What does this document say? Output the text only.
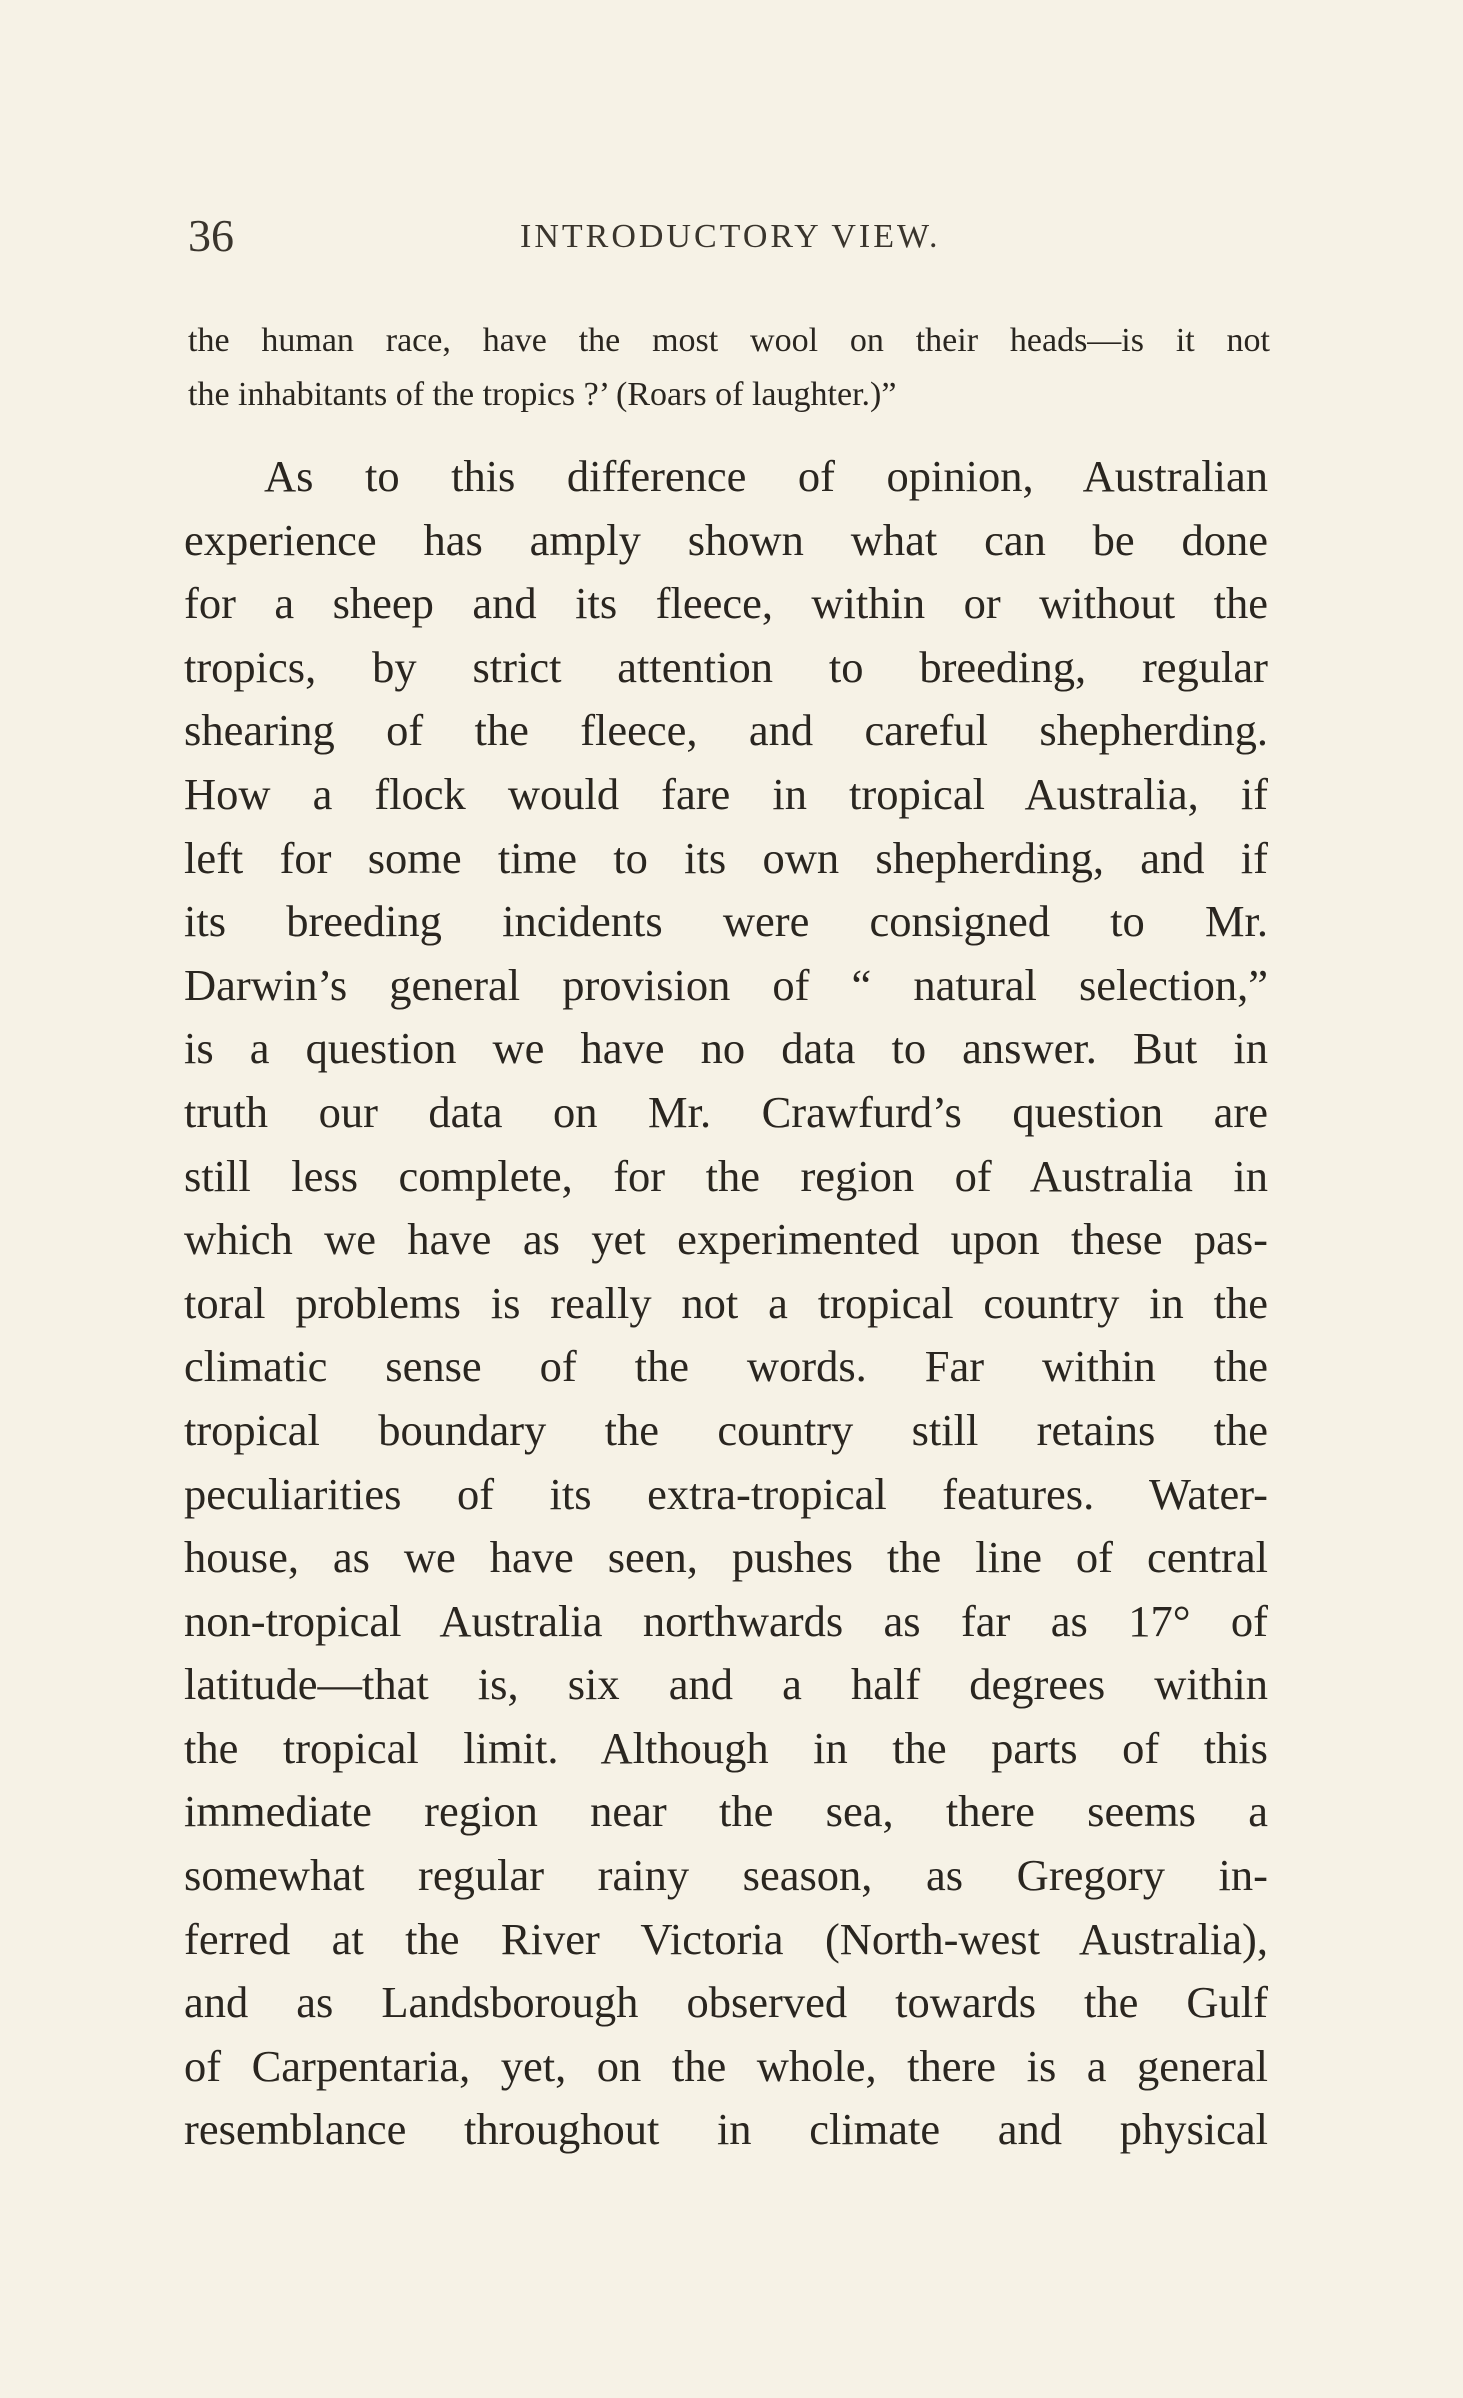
36	INTRODUCTORY VIEW.
the human race, have the most wool on their heads—is it not
the inhabitants of the tropics ?’ (Roars of laughter.)”
As to this difference of opinion, Australian
experience has amply shown what can be done
for a sheep and its fleece, within or without the
tropics, by strict attention to breeding, regular
shearing of the fleece, and careful shepherding.
How a flock would fare in tropical Australia, if
left for some time to its own shepherding, and if
its breeding incidents were consigned to Mr.
Darwin’s general provision of “ natural selection,”
is a question we have no data to answer. But in
truth our data on Mr. Crawfurd’s question are
still less complete, for the region of Australia in
which we have as yet experimented upon these pas-
toral problems is really not a tropical country in the
climatic sense of the words. Far within the
tropical boundary the country still retains the
peculiarities of its extra-tropical features. Water-
house, as we have seen, pushes the line of central
non-tropical Australia northwards as far as 17° of
latitude—that is, six and a half degrees within
the tropical limit. Although in the parts of this
immediate region near the sea, there seems a
somewhat regular rainy season, as Gregory in-
ferred at the River Victoria (North-west Australia),
and as Landsborough observed towards the Gulf
of Carpentaria, yet, on the whole, there is a general
resemblance throughout in climate and physical
